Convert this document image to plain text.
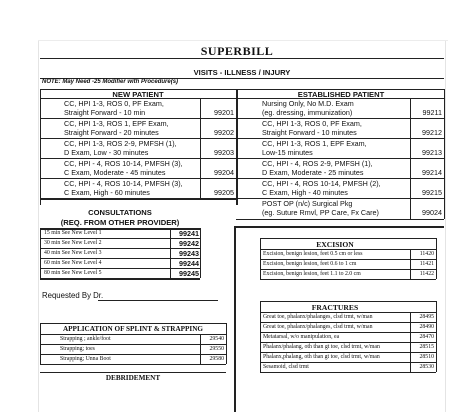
SUPERBILL
VISITS - ILLNESS / INJURY
NOTE: May Need -25 Modifier with Procedure(s)
NEW PATIENT	ESTABLISHED PATIENT
CC, HPI 1-3, ROS 0, PF Exam,
Straight Forward - 10 min	99201
CC, HPI 1-3, ROS 1, EPF Exam,
Straight Forward - 20 minutes	99202
CC, HPI 1-3, ROS 2-9, PMFSH (1),
D Exam, Low - 30 minutes	99203
CC, HPI - 4, ROS 10-14, PMFSH (3),
C Exam, Moderate - 45 minutes	99204
CC, HPI - 4, ROS 10-14, PMFSH (3),
C Exam, High - 60 minutes	99205
Nursing Only, No M.D. Exam
(eg. dressing, immunization)	99211
CC, HPI 1-3, ROS 0, PF Exam,
Straight Forward - 10 minutes	99212
CC, HPI 1-3, ROS 1, EPF Exam,
Low-15 minutes	99213
CC, HPI - 4, ROS 2-9, PMFSH (1),
D Exam, Moderate - 25 minutes	99214
CC, HPI - 4, ROS 10-14, PMFSH (2),
C Exam, High - 40 minutes	99215
POST OP (n/c) Surgical Pkg
(eg. Suture Rmvl, PP Care, Fx Care)	99024
CONSULTATIONS
(REQ. FROM OTHER PROVIDER)
15 min See New Level 1	99241
30 min See New Level 2	99242
40 min See New Level 3	99243
60 min See New Level 4	99244
80 min See New Level 5	99245
Requested By Dr.
EXCISION
Excision, benign lesion, feet 0.5 cm or less	11420
Excision, benign lesion, feet 0.6 to 1 cm	11421
Excision, benign lesion, feet 1.1 to 2.0 cm	11422
FRACTURES
Great toe, phalanx/phalanges, clsd trmt, w/man	28495
Great toe, phalanx/phalanges, clsd trmt, w/man	28490
Metatarsal, w/o manipulation, ea	28470
Phalanx/phalang, oth than gt toe, clsd trmt, w/man	28515
Phalanx,phalang, oth than gt toe, clsd trmt, w/man	28510
Sesamoid, clsd trmt	28530
APPLICATION OF SPLINT & STRAPPING
Strapping ; ankle/foot	29540
Strapping; toes	29550
Strapping; Unna Boot	29580
DEBRIDEMENT
